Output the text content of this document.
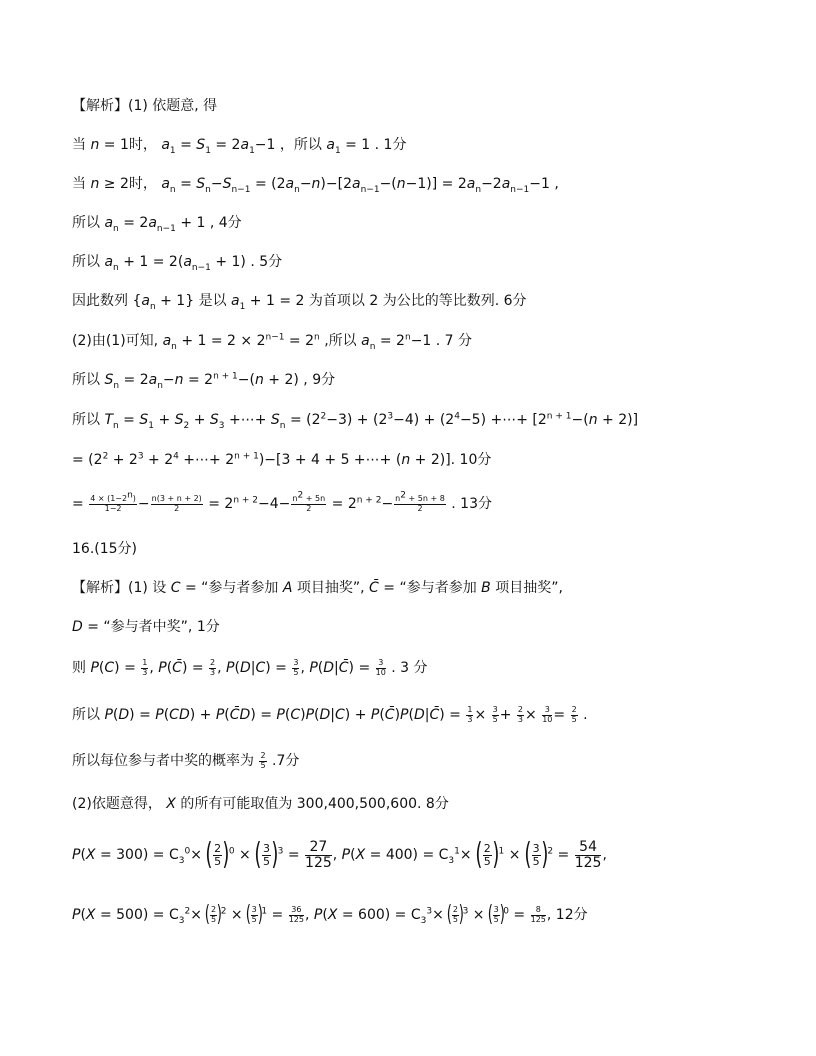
【解析】(1) 依题意, 得
当 n = 1时， $a_1 = S_1 = 2a_1-1$ ，所以 $a_1 = 1$ . 1分
当 n ≥ 2时， $a_n = S_n-S_{n-1} = (2a_n-n)-[2a_{n-1}-(n-1)] = 2a_n-2a_{n-1}-1$ ,
所以 $a_n = 2a_{n-1} + 1$ , 4分
所以 $a_n + 1 = 2(a_{n-1} + 1)$ . 5分
因此数列 $\{a_n + 1\}$ 是以 $a_1 + 1 = 2$ 为首项以 2 为公比的等比数列. 6分
(2)由(1)可知, $a_n + 1 = 2 \times 2^{n-1} = 2^n$ ,所以 $a_n = 2^n-1$ . 7 分
所以 $S_n = 2a_n-n = 2^{n + 1}-(n + 2)$ , 9分
所以 $T_n = S_1 + S_2 + S_3$ +⋯+ $S_n = (2^2-3) + (2^3-4) + (2^4-5)$ +⋯+ $[2^{n + 1}-(n + 2)]$
= ($2^2 + 2^3 + 2^4$ +⋯+ $2^{n + 1})-[3 + 4 + 5$ +⋯+ (n + 2)]. 10分
= $\frac{4 \times (1-2^n)}{1-2} - \frac{n(3 + n + 2)}{2} = 2^{n + 2}-4- \frac{n^2 + 5n}{2} = 2^{n + 2}- \frac{n^2 + 5n + 8}{2}$ . 13分
16.(15分)
【解析】(1) 设 C = “参与者参加 A 项目抽奖”, C̄ = “参与者参加 B 项目抽奖”,
D = “参与者中奖”, 1分
则 $P(C) = \frac{1}{3}$ , P(C̄) = $\frac{2}{3}$ , $P(D|C) = \frac{3}{5}$ , P(D|C̄) = $\frac{3}{10}$ . 3 分
所以 P(D) = P(CD) + P(C̄D) = P(C)P(D|C) + P(C̄)P(D|C̄) = $\frac{1}{3} \times \frac{3}{5} + \frac{2}{3} \times \frac{3}{10} = \frac{2}{5}$ .
所以每位参与者中奖的概率为 $\frac{2}{5} .7$分
(2)依题意得， X 的所有可能取值为 300,400,500,600. 8分
$P(X = 300) = C_3^0\times$ ( $\frac{2}{5} )^0$ × ( $\frac{3}{5} )^3 = \frac{27}{125}$ , $P(X = 400) = C_3^1\times$ ( $\frac{2}{5} )^1$ × ( $\frac{3}{5} )^2 = \frac{54}{125}$ ,
$P(X = 500) = C_3^2\times$ ( $\frac{2}{5} )^2$ × ( $\frac{3}{5} )^1 = \frac{36}{125}$ , $P(X = 600) = C_3^3\times$ ( $\frac{2}{5} )^3$ × ( $\frac{3}{5} )^0 = \frac{8}{125}$ , 12分
